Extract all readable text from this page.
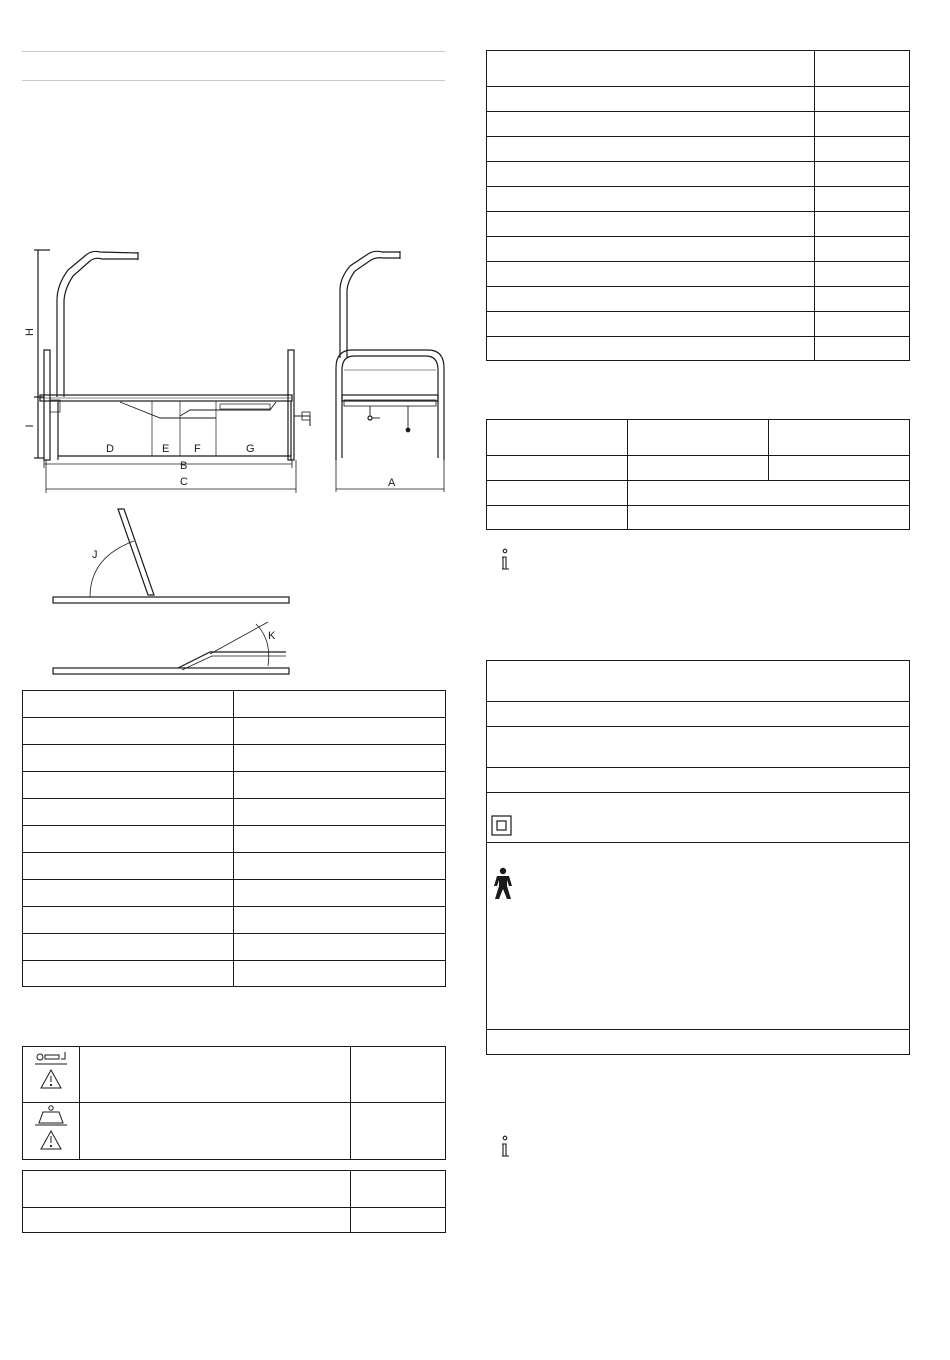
H
I
D	E F	G
B
C	A
J
K
